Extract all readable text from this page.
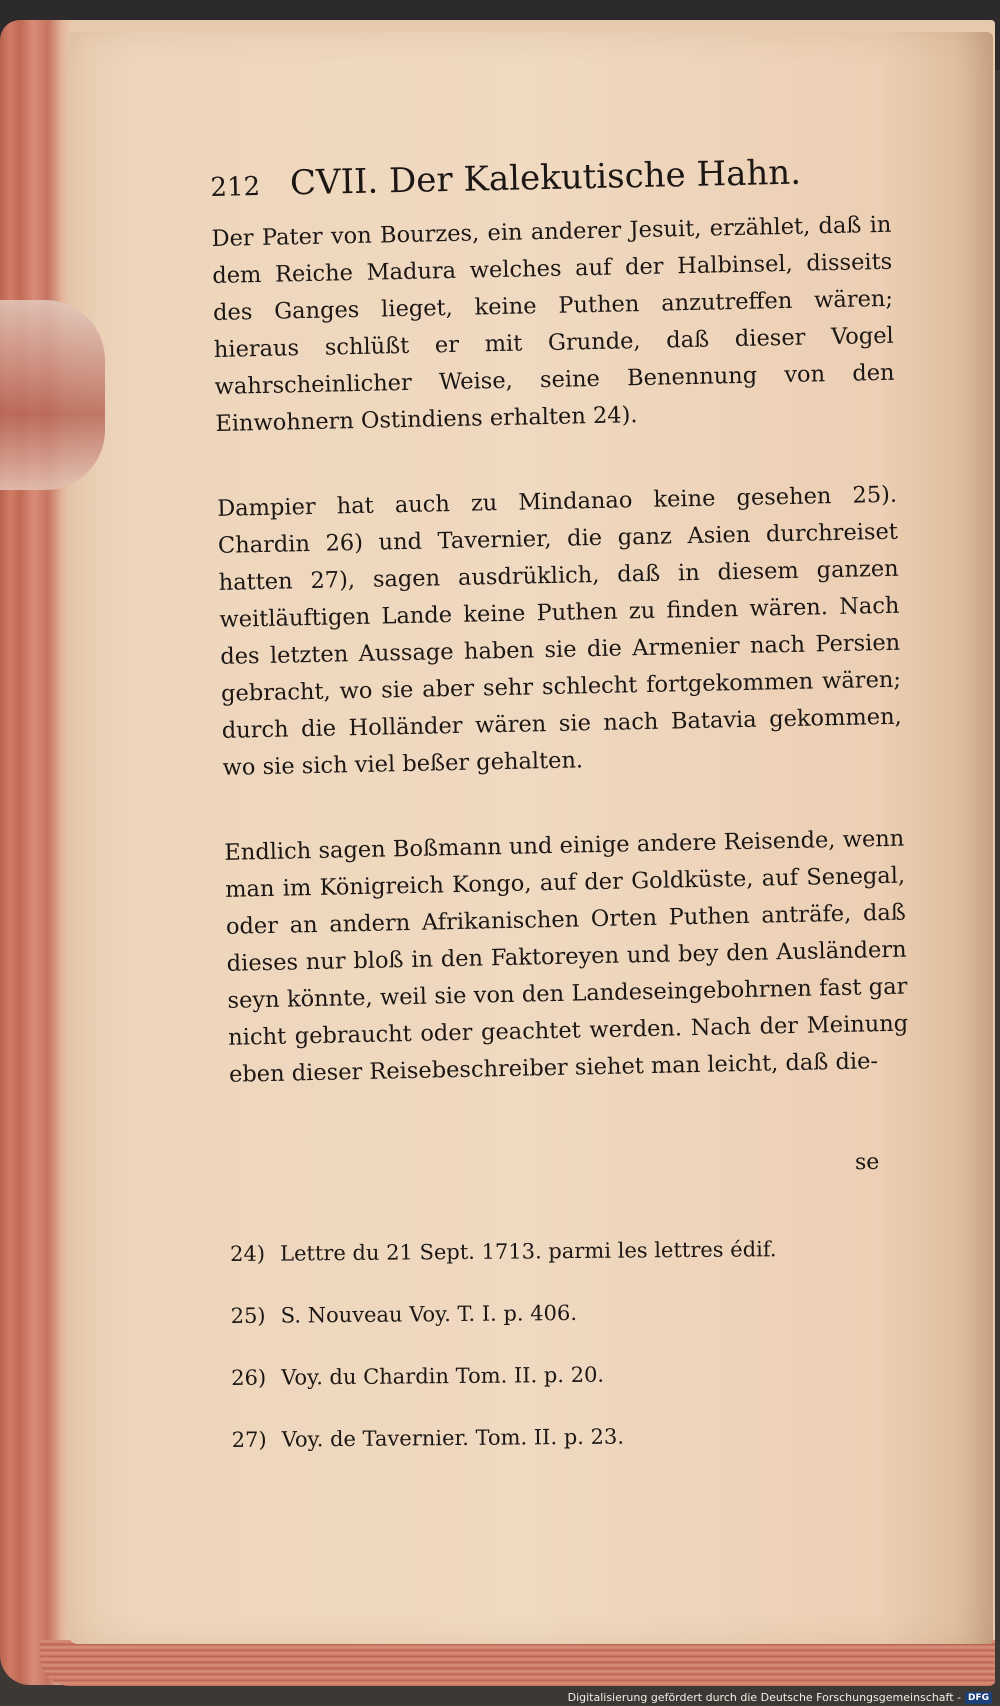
212 CVII. Der Kalekutische Hahn.

Der Pater von Bourzes, ein anderer Jesuit, erzählet, daß in dem Reiche Madura welches auf der Halbinsel, disseits des Ganges lieget, keine Puthen anzutreffen wären; hieraus schlüßt er mit Grunde, daß dieser Vogel wahrscheinlicher Weise, seine Benennung von den Einwohnern Ostindiens erhalten 24).

Dampier hat auch zu Mindanao keine gesehen 25). Chardin 26) und Tavernier, die ganz Asien durchreiset hatten 27), sagen ausdrüklich, daß in diesem ganzen weitläuftigen Lande keine Puthen zu finden wären. Nach des letzten Aussage haben sie die Armenier nach Persien gebracht, wo sie aber sehr schlecht fortgekommen wären; durch die Holländer wären sie nach Batavia gekommen, wo sie sich viel beßer gehalten.

Endlich sagen Boßmann und einige andere Reisende, wenn man im Königreich Kongo, auf der Goldküste, auf Senegal, oder an andern Afrikanischen Orten Puthen anträfe, daß dieses nur bloß in den Faktoreyen und bey den Ausländern seyn könnte, weil sie von den Landeseingebohrnen fast gar nicht gebraucht oder geachtet werden. Nach der Meinung eben dieser Reisebeschreiber siehet man leicht, daß die-

se
24) Lettre du 21 Sept. 1713. parmi les lettres édif.
25) S. Nouveau Voy. T. I. p. 406.
26) Voy. du Chardin Tom. II. p. 20.
27) Voy. de Tavernier. Tom. II. p. 23.
Digitalisierung gefördert durch die Deutsche Forschungsgemeinschaft - DFG
